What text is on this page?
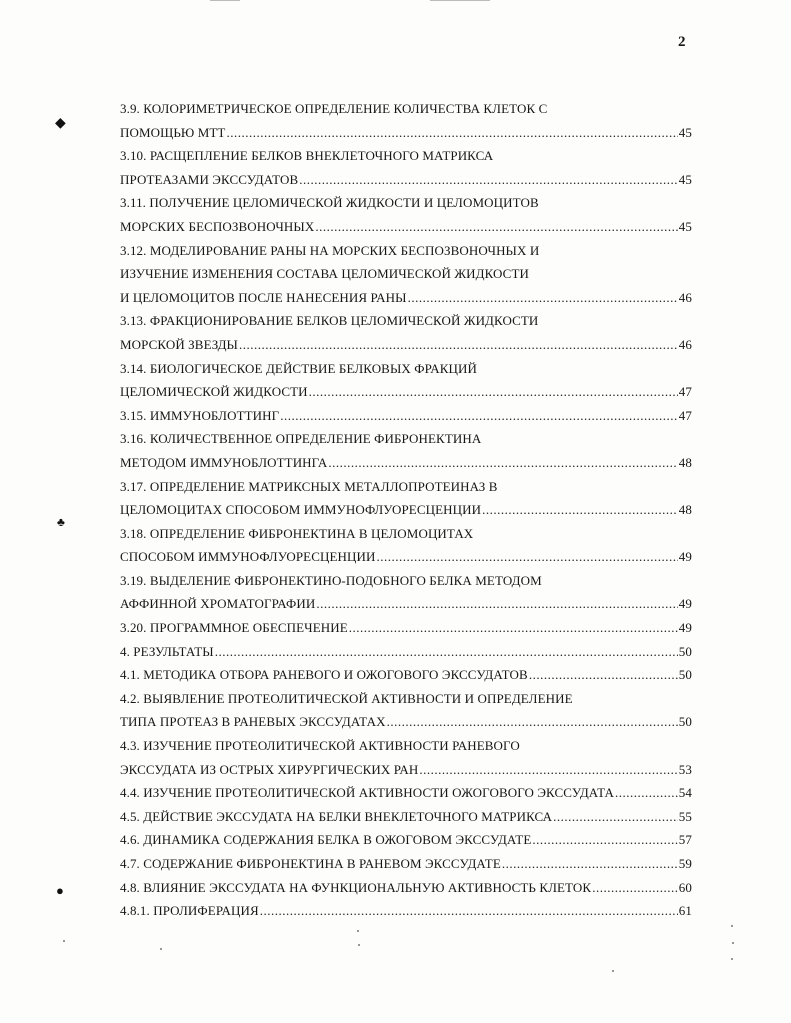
2
◆
♣
●
3.9. КОЛОРИМЕТРИЧЕСКОЕ ОПРЕДЕЛЕНИЕ КОЛИЧЕСТВА КЛЕТОК С
ПОМОЩЬЮ МТТ .....	45
3.10. РАСЩЕПЛЕНИЕ БЕЛКОВ ВНЕКЛЕТОЧНОГО МАТРИКСА
ПРОТЕАЗАМИ ЭКССУДАТОВ .....	45
3.11. ПОЛУЧЕНИЕ ЦЕЛОМИЧЕСКОЙ ЖИДКОСТИ И ЦЕЛОМОЦИТОВ
МОРСКИХ БЕСПОЗВОНОЧНЫХ .....	45
3.12. МОДЕЛИРОВАНИЕ РАНЫ НА МОРСКИХ БЕСПОЗВОНОЧНЫХ И
ИЗУЧЕНИЕ ИЗМЕНЕНИЯ СОСТАВА ЦЕЛОМИЧЕСКОЙ ЖИДКОСТИ
И ЦЕЛОМОЦИТОВ ПОСЛЕ НАНЕСЕНИЯ РАНЫ .....	46
3.13. ФРАКЦИОНИРОВАНИЕ БЕЛКОВ ЦЕЛОМИЧЕСКОЙ ЖИДКОСТИ
МОРСКОЙ ЗВЕЗДЫ .....	46
3.14. БИОЛОГИЧЕСКОЕ ДЕЙСТВИЕ БЕЛКОВЫХ ФРАКЦИЙ
ЦЕЛОМИЧЕСКОЙ ЖИДКОСТИ .....	47
3.15. ИММУНОБЛОТТИНГ .....	47
3.16. КОЛИЧЕСТВЕННОЕ ОПРЕДЕЛЕНИЕ ФИБРОНЕКТИНА
МЕТОДОМ ИММУНОБЛОТТИНГА .....	48
3.17. ОПРЕДЕЛЕНИЕ МАТРИКСНЫХ МЕТАЛЛОПРОТЕИНАЗ В
ЦЕЛОМОЦИТАХ СПОСОБОМ ИММУНОФЛУОРЕСЦЕНЦИИ .....	48
3.18. ОПРЕДЕЛЕНИЕ ФИБРОНЕКТИНА В ЦЕЛОМОЦИТАХ
СПОСОБОМ ИММУНОФЛУОРЕСЦЕНЦИИ .....	49
3.19. ВЫДЕЛЕНИЕ ФИБРОНЕКТИНО-ПОДОБНОГО БЕЛКА МЕТОДОМ
АФФИННОЙ ХРОМАТОГРАФИИ .....	49
3.20. ПРОГРАММНОЕ ОБЕСПЕЧЕНИЕ .....	49
4. РЕЗУЛЬТАТЫ .....	50
4.1. МЕТОДИКА ОТБОРА РАНЕВОГО И ОЖОГОВОГО ЭКССУДАТОВ .....	50
4.2. ВЫЯВЛЕНИЕ ПРОТЕОЛИТИЧЕСКОЙ АКТИВНОСТИ И ОПРЕДЕЛЕНИЕ
ТИПА ПРОТЕАЗ В РАНЕВЫХ ЭКССУДАТАХ .....	50
4.3. ИЗУЧЕНИЕ ПРОТЕОЛИТИЧЕСКОЙ АКТИВНОСТИ РАНЕВОГО
ЭКССУДАТА ИЗ ОСТРЫХ ХИРУРГИЧЕСКИХ РАН .....	53
4.4. ИЗУЧЕНИЕ ПРОТЕОЛИТИЧЕСКОЙ АКТИВНОСТИ ОЖОГОВОГО ЭКССУДАТА .....	54
4.5. ДЕЙСТВИЕ ЭКССУДАТА НА БЕЛКИ ВНЕКЛЕТОЧНОГО МАТРИКСА .....	55
4.6. ДИНАМИКА СОДЕРЖАНИЯ БЕЛКА В ОЖОГОВОМ ЭКССУДАТЕ .....	57
4.7. СОДЕРЖАНИЕ ФИБРОНЕКТИНА В РАНЕВОМ ЭКССУДАТЕ .....	59
4.8. ВЛИЯНИЕ ЭКССУДАТА НА ФУНКЦИОНАЛЬНУЮ АКТИВНОСТЬ КЛЕТОК .....	60
4.8.1. ПРОЛИФЕРАЦИЯ .....	61
